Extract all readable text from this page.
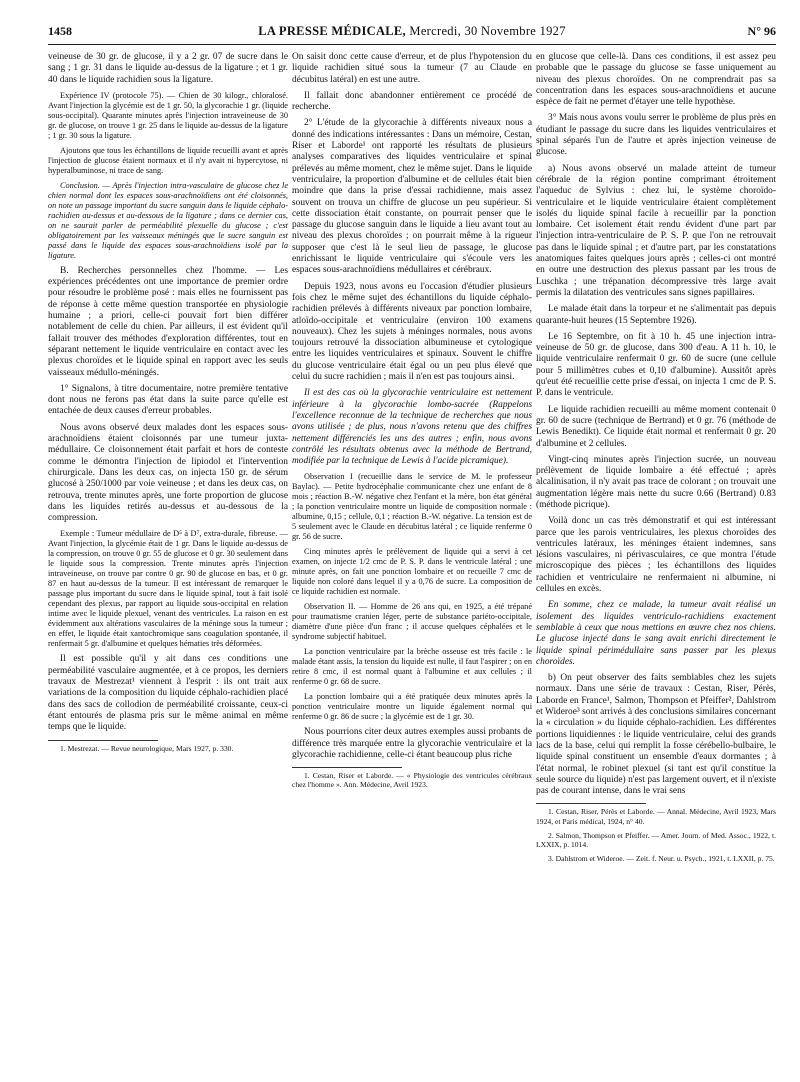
1458	LA PRESSE MÉDICALE, Mercredi, 30 Novembre 1927	N° 96

veineuse de 30 gr. de glucose, il y a 2 gr. 07 de sucre dans le sang ; 1 gr. 31 dans le liquide au-dessus de la ligature ; et 1 gr. 40 dans le liquide rachidien sous la ligature.

Expérience IV (protocole 75). — Chien de 30 kilogr., chloralosé. Avant l'injection la glycémie est de 1 gr. 50, la glycorachie 1 gr. (liquide sous-occipital). Quarante minutes après l'injection intraveineuse de 30 gr. de glucose, on trouve 1 gr. 25 dans le liquide au-dessus de la ligature ; 1 gr. 30 sous la ligature.

Ajoutons que tous les échantillons de liquide recueilli avant et après l'injection de glucose étaient normaux et il n'y avait ni hypercytose, ni hyperalbuminose, ni trace de sang.

Conclusion. — Après l'injection intra-vasculaire de glucose chez le chien normal dont les espaces sous-arachnoïdiens ont été cloisonnés, on note un passage important du sucre sanguin dans le liquide céphalo-rachidien au-dessus et au-dessous de la ligature ; dans ce dernier cas, on ne saurait parler de perméabilité plexuelle du glucose ; c'est obligatoirement par les vaisseaux méningés que le sucre sanguin est passé dans le liquide des espaces sous-arachnoïdiens isolé par la ligature.

B. Recherches personnelles chez l'homme. — Les expériences précédentes ont une importance de premier ordre pour résoudre le problème posé : mais elles ne fournissent pas de réponse à cette même question transportée en physiologie humaine ; a priori, celle-ci pouvait fort bien différer notablement de celle du chien. Par ailleurs, il est évident qu'il fallait trouver des méthodes d'exploration différentes, tout en séparant nettement le liquide ventriculaire en contact avec les plexus choroïdes et le liquide spinal en rapport avec les seuls vaisseaux médullo-méningés.

1° Signalons, à titre documentaire, notre première tentative dont nous ne ferons pas état dans la suite parce qu'elle est entachée de deux causes d'erreur probables.

Nous avons observé deux malades dont les espaces sous-arachnoïdiens étaient cloisonnés par une tumeur juxta-médullaire. Ce cloisonnement était parfait et hors de conteste comme le démontra l'injection de lipiodol et l'intervention chirurgicale. Dans les deux cas, on injecta 150 gr. de sérum glucosé à 250/1000 par voie veineuse ; et dans les deux cas, on retrouva, trente minutes après, une forte proportion de glucose dans les liquides retirés au-dessus et au-dessous de la compression.

Exemple : Tumeur médullaire de D⁵ à D⁷, extra-durale, fibreuse. — Avant l'injection, la glycémie était de 1 gr. Dans le liquide au-dessus de la compression, on trouve 0 gr. 55 de glucose et 0 gr. 30 seulement dans le liquide sous la compression. Trente minutes après l'injection intraveineuse, on trouve par contre 0 gr. 90 de glucose en bas, et 0 gr. 87 en haut au-dessus de la tumeur. Il est intéressant de remarquer le passage plus important du sucre dans le liquide spinal, tout à fait isolé cependant des plexus, par rapport au liquide sous-occipital en relation intime avec le liquide plexuel, venant des ventricules. La raison en est évidemment aux altérations vasculaires de la méninge sous la tumeur ; en effet, le liquide était xantochromique sans coagulation spontanée, il renfermait 5 gr. d'albumine et quelques hématies très déformées.

Il est possible qu'il y ait dans ces conditions une perméabilité vasculaire augmentée, et à ce propos, les derniers travaux de Mestrezat¹ viennent à l'esprit : ils ont trait aux variations de la composition du liquide céphalo-rachidien placé dans des sacs de collodion de perméabilité croissante, ceux-ci étant entourés de plasma pris sur le même animal en même temps que le liquide.

1. Mestrezat. — Revue neurologique, Mars 1927, p. 330.

On saisit donc cette cause d'erreur, et de plus l'hypotension du liquide rachidien situé sous la tumeur (7 au Claude en décubitus latéral) en est une autre.

Il fallait donc abandonner entièrement ce procédé de recherche.

2° L'étude de la glycorachie à différents niveaux nous a donné des indications intéressantes : Dans un mémoire, Cestan, Riser et Laborde¹ ont rapporté les résultats de plusieurs analyses comparatives des liquides ventriculaire et spinal prélevés au même moment, chez le même sujet. Dans le liquide ventriculaire, la proportion d'albumine et de cellules était bien moindre que dans la prise d'essai rachidienne, mais assez souvent on trouva un chiffre de glucose un peu supérieur. Si cette dissociation était constante, on pourrait penser que le passage du glucose sanguin dans le liquide a lieu avant tout au niveau des plexus choroïdes ; on pourrait même à la rigueur supposer que c'est là le seul lieu de passage, le glucose enrichissant le liquide ventriculaire qui s'écoule vers les espaces sous-arachnoïdiens médullaires et cérébraux.

Depuis 1923, nous avons eu l'occasion d'étudier plusieurs fois chez le même sujet des échantillons du liquide céphalo-rachidien prélevés à différents niveaux par ponction lombaire, atloïdo-occipitale et ventriculaire (environ 100 examens nouveaux). Chez les sujets à méninges normales, nous avons toujours retrouvé la dissociation albumineuse et cytologique entre les liquides ventriculaires et spinaux. Souvent le chiffre du glucose ventriculaire était égal ou un peu plus élevé que celui du sucre rachidien ; mais il n'en est pas toujours ainsi.

Il est des cas où la glycorachie ventriculaire est nettement inférieure à la glycorachie lombo-sacrée (Rappelons l'excellence reconnue de la technique de recherches que nous avons utilisée ; de plus, nous n'avons retenu que des chiffres nettement différenciés les uns des autres ; enfin, nous avons contrôlé les résultats obtenus avec la méthode de Bertrand, modifiée par la technique de Lewis à l'acide picramique).

Observation I (recueillie dans le service de M. le professeur Baylac). — Petite hydrocéphalie communicante chez une enfant de 8 mois ; réaction B.-W. négative chez l'enfant et la mère, bon état général ; la ponction ventriculaire montre un liquide de composition normale : albumine, 0,15 ; cellule, 0,1 ; réaction B.-W. négative. La tension est de 5 seulement avec le Claude en décubitus latéral ; ce liquide renferme 0 gr. 56 de sucre.

Cinq minutes après le prélèvement de liquide qui a servi à cet examen, on injecte 1/2 cmc de P. S. P. dans le ventricule latéral ; une minute après, on fait une ponction lombaire et on recueille 7 cmc de liquide non coloré dans lequel il y a 0,76 de sucre. La composition de ce liquide rachidien est normale.

Observation II. — Homme de 26 ans qui, en 1925, a été trépané pour traumatisme cranien léger, perte de substance pariéto-occipitale, diamètre d'une pièce d'un franc ; il accuse quelques céphalées et le syndrome subjectif habituel.

La ponction ventriculaire par la brèche osseuse est très facile : le malade étant assis, la tension du liquide est nulle, il faut l'aspirer ; on en retire 8 cmc, il est normal quant à l'albumine et aux cellules ; il renferme 0 gr. 68 de sucre.

La ponction lombaire qui a été pratiquée deux minutes après la ponction ventriculaire montre un liquide également normal qui renferme 0 gr. 86 de sucre ; la glycémie est de 1 gr. 30.

Nous pourrions citer deux autres exemples aussi probants de différence très marquée entre la glycorachie ventriculaire et la glycorachie rachidienne, celle-ci étant beaucoup plus riche

1. Cestan, Riser et Laborde. — « Physiologie des ventricules cérébraux chez l'homme ». Ann. Médecine, Avril 1923.

en glucose que celle-là. Dans ces conditions, il est assez peu probable que le passage du glucose se fasse uniquement au niveau des plexus choroïdes. On ne comprendrait pas sa concentration dans les espaces sous-arachnoïdiens et aucune espèce de fait ne permet d'étayer une telle hypothèse.

3° Mais nous avons voulu serrer le problème de plus près en étudiant le passage du sucre dans les liquides ventriculaires et spinal séparés l'un de l'autre et après injection veineuse de glucose.

a) Nous avons observé un malade atteint de tumeur cérébrale de la région pontine comprimant étroitement l'aqueduc de Sylvius : chez lui, le système choroïdo-ventriculaire et le liquide ventriculaire étaient complètement isolés du liquide spinal facile à recueillir par la ponction lombaire. Cet isolement était rendu évident d'une part par l'injection intra-ventriculaire de P. S. P. que l'on ne retrouvait pas dans le liquide spinal ; et d'autre part, par les constatations anatomiques faites quelques jours après ; celles-ci ont montré en outre une destruction des plexus passant par les trous de Luschka ; une trépanation décompressive très large avait permis la dilatation des ventricules sans signes papillaires.

Le malade était dans la torpeur et ne s'alimentait pas depuis quarante-huit heures (15 Septembre 1926).

Le 16 Septembre, on fit à 10 h. 45 une injection intra-veineuse de 50 gr. de glucose, dans 300 d'eau. A 11 h. 10, le liquide ventriculaire renfermait 0 gr. 60 de sucre (une cellule pour 5 millimètres cubes et 0,10 d'albumine). Aussitôt après qu'eut été recueillie cette prise d'essai, on injecta 1 cmc de P. S. P. dans le ventricule.

Le liquide rachidien recueilli au même moment contenait 0 gr. 60 de sucre (technique de Bertrand) et 0 gr. 76 (méthode de Lewis Benedikt). Ce liquide était normal et renfermait 0 gr. 20 d'albumine et 2 cellules.

Vingt-cinq minutes après l'injection sucrée, un nouveau prélèvement de liquide lombaire a été effectué ; après alcalinisation, il n'y avait pas trace de colorant ; on trouvait une augmentation légère mais nette du sucre 0.66 (Bertrand) 0.83 (méthode picrique).

Voilà donc un cas très démonstratif et qui est intéressant parce que les parois ventriculaires, les plexus choroïdes des ventricules latéraux, les méninges étaient indemnes, sans lésions vasculaires, ni périvasculaires, ce que montra l'étude microscopique des pièces ; les échantillons des liquides rachidien et ventriculaire ne renfermaient ni albumine, ni cellules en excès.

En somme, chez ce malade, la tumeur avait réalisé un isolement des liquides ventriculo-rachidiens exactement semblable à ceux que nous mettions en œuvre chez nos chiens. Le glucose injecté dans le sang avait enrichi directement le liquide spinal périmédullaire sans passer par les plexus choroïdes.

b) On peut observer des faits semblables chez les sujets normaux. Dans une série de travaux : Cestan, Riser, Pérès, Laborde en France¹, Salmon, Thompson et Pfeiffer², Dahlstrom et Wideroe³ sont arrivés à des conclusions similaires concernant la « circulation » du liquide céphalo-rachidien. Les différentes portions liquidiennes : le liquide ventriculaire, celui des grands lacs de la base, celui qui remplit la fosse cérébello-bulbaire, le liquide spinal constituent un ensemble d'eaux dormantes ; à l'état normal, le robinet plexuel (si tant est qu'il constitue la seule source du liquide) n'est pas largement ouvert, et il n'existe pas de courant intense, dans le vrai sens

1. Cestan, Riser, Pérès et Laborde. — Annal. Médecine, Avril 1923, Mars 1924, et Paris médical, 1924, n° 40.

2. Salmon, Thompson et Pfeiffer. — Amer. Journ. of Med. Assoc., 1922, t. LXXIX, p. 1014.

3. Dahlstrom et Wideroe. — Zeit. f. Neur. u. Psych., 1921, t. LXXII, p. 75.
